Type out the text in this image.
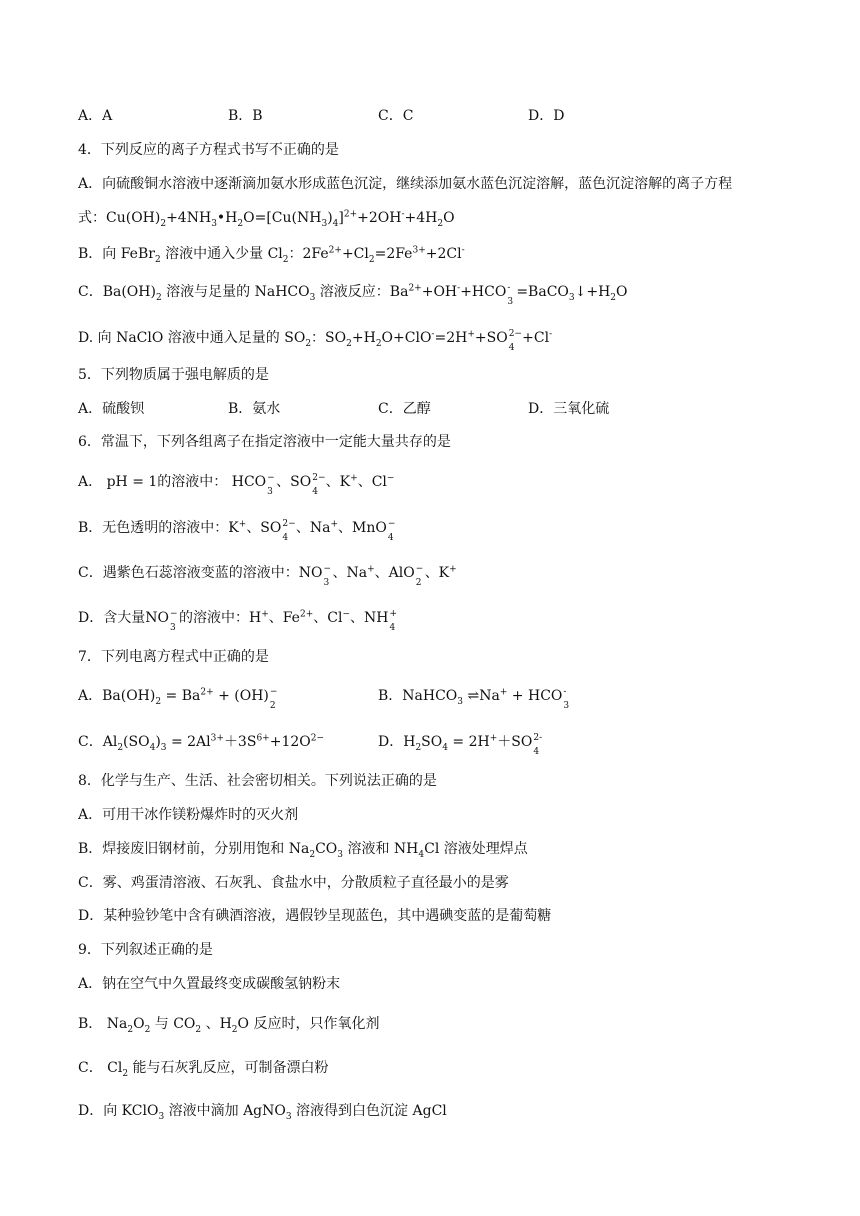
A．A	B．B	C．C	D．D
4．下列反应的离子方程式书写不正确的是
A．向硫酸铜水溶液中逐渐滴加氨水形成蓝色沉淀，继续添加氨水蓝色沉淀溶解，蓝色沉淀溶解的离子方程
式：$Cu(OH)_2+4NH_3•H_2O=[Cu(NH_3)_4]^{2+}+2OH^-+4H_2O$
B．向 FeBr$_2$ 溶液中通入少量 $Cl_2$：$2Fe^{2+}+Cl_2=2Fe^{3+}+2Cl^-$
C．$Ba(OH)_2$ 溶液与足量的 NaHCO$_3$ 溶液反应：$Ba^{2+}+OH^-+HCO$ -
3
$=BaCO_3↓+H_2O$
D. 向 NaClO 溶液中通入足量的 $SO_2$：$SO_2+H_2O+ClO^-=2H^++SO$ 2−
4
+Cl-
5．下列物质属于强电解质的是
A．硫酸钡	B．氨水	C．乙醇	D．三氧化硫
6．常温下，下列各组离子在指定溶液中一定能大量共存的是
A． pH = 1的溶液中： HCO −
3
、SO 2−
4
、K+、Cl−
B．无色透明的溶液中：K+、SO 2−
4
、Na+、MnO −
4
C．遇紫色石蕊溶液变蓝的溶液中：NO −
3
、Na+、AlO −
2
、K+
D．含大量NO −
3
的溶液中：H+、$Fe^{2+}$、Cl−、NH +
4
7．下列电离方程式中正确的是
A．$Ba(OH)_2 = Ba^{2+} + (OH)$ −
2
B．NaHCO$_3$ ⇌Na+ + HCO -
3
C．$Al_2(SO_4)_3 = 2Al^{3+}+3S^{6+}+12O^{2-}$	D．$H_2SO_4 = 2H^++SO$ 2-
4
8．化学与生产、生活、社会密切相关。下列说法正确的是
A．可用干冰作镁粉爆炸时的灭火剂
B．焊接废旧钢材前，分别用饱和 $Na_2CO_3$ 溶液和 $NH_4Cl$ 溶液处理焊点
C．雾、鸡蛋清溶液、石灰乳、食盐水中，分散质粒子直径最小的是雾
D．某种验钞笔中含有碘酒溶液，遇假钞呈现蓝色，其中遇碘变蓝的是葡萄糖
9．下列叙述正确的是
A．钠在空气中久置最终变成碳酸氢钠粉末
B． $Na_2O_2$ 与 $CO_2$ 、$H_2O$ 反应时，只作氧化剂
C． $Cl_2$ 能与石灰乳反应，可制备漂白粉
D．向 KClO$_3$ 溶液中滴加 AgNO$_3$ 溶液得到白色沉淀 AgCl
